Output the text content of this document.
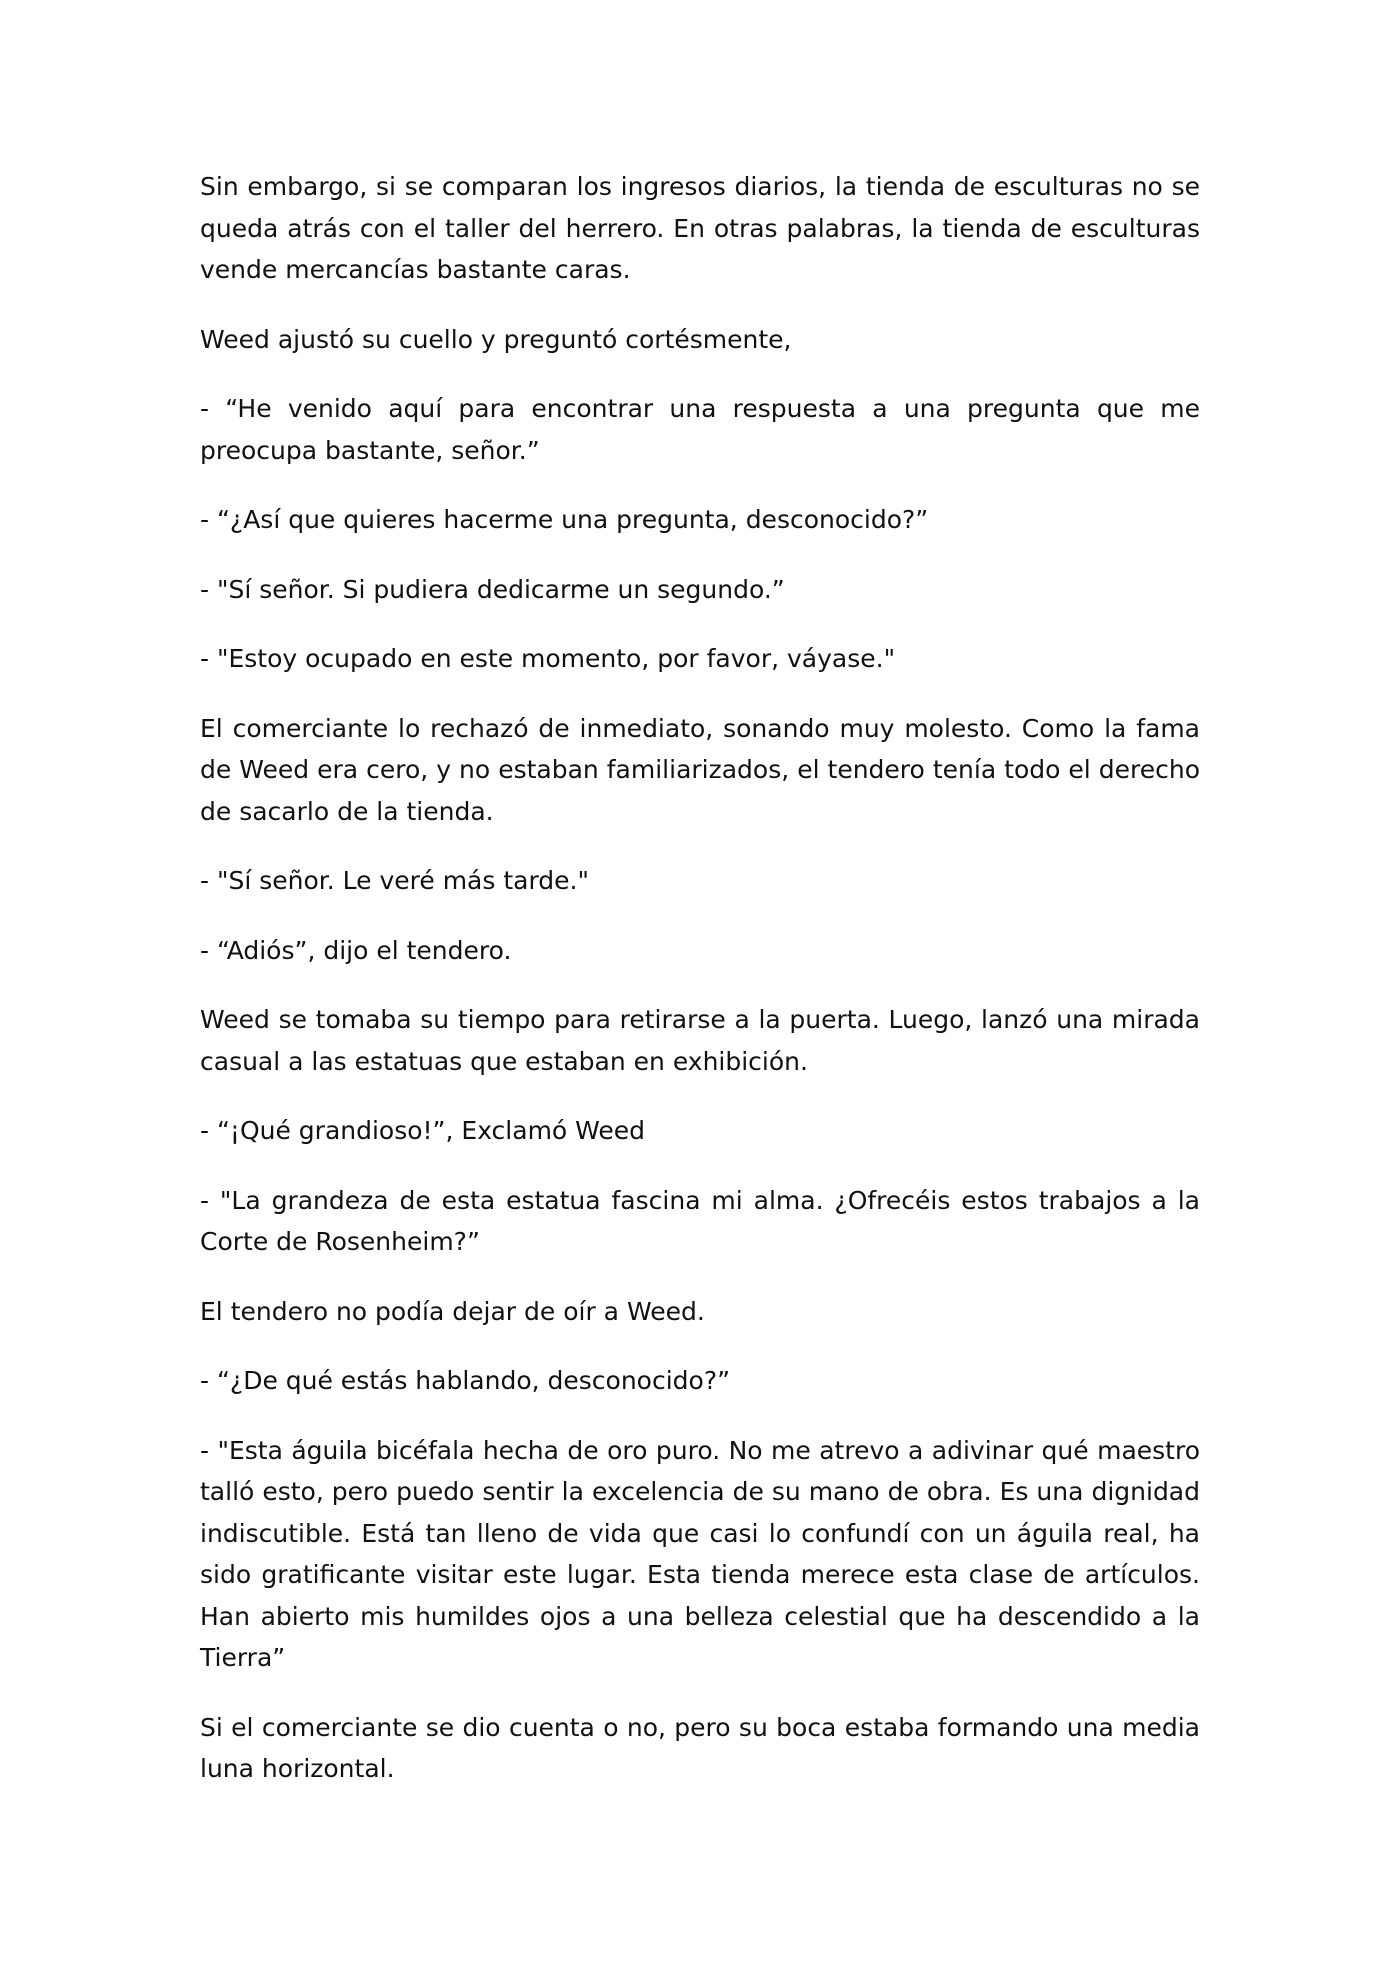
Sin embargo, si se comparan los ingresos diarios, la tienda de esculturas no se queda atrás con el taller del herrero. En otras palabras, la tienda de esculturas vende mercancías bastante caras.

Weed ajustó su cuello y preguntó cortésmente,

- “He venido aquí para encontrar una respuesta a una pregunta que me preocupa bastante, señor.”

- “¿Así que quieres hacerme una pregunta, desconocido?”

- "Sí señor. Si pudiera dedicarme un segundo.”

- "Estoy ocupado en este momento, por favor, váyase."

El comerciante lo rechazó de inmediato, sonando muy molesto. Como la fama de Weed era cero, y no estaban familiarizados, el tendero tenía todo el derecho de sacarlo de la tienda.

- "Sí señor. Le veré más tarde."

- “Adiós”, dijo el tendero.

Weed se tomaba su tiempo para retirarse a la puerta. Luego, lanzó una mirada casual a las estatuas que estaban en exhibición.

- “¡Qué grandioso!”, Exclamó Weed

- "La grandeza de esta estatua fascina mi alma. ¿Ofrecéis estos trabajos a la Corte de Rosenheim?”

El tendero no podía dejar de oír a Weed.

- “¿De qué estás hablando, desconocido?”

- "Esta águila bicéfala hecha de oro puro. No me atrevo a adivinar qué maestro talló esto, pero puedo sentir la excelencia de su mano de obra. Es una dignidad indiscutible. Está tan lleno de vida que casi lo confundí con un águila real, ha sido gratificante visitar este lugar. Esta tienda merece esta clase de artículos. Han abierto mis humildes ojos a una belleza celestial que ha descendido a la Tierra”

Si el comerciante se dio cuenta o no, pero su boca estaba formando una media luna horizontal.
